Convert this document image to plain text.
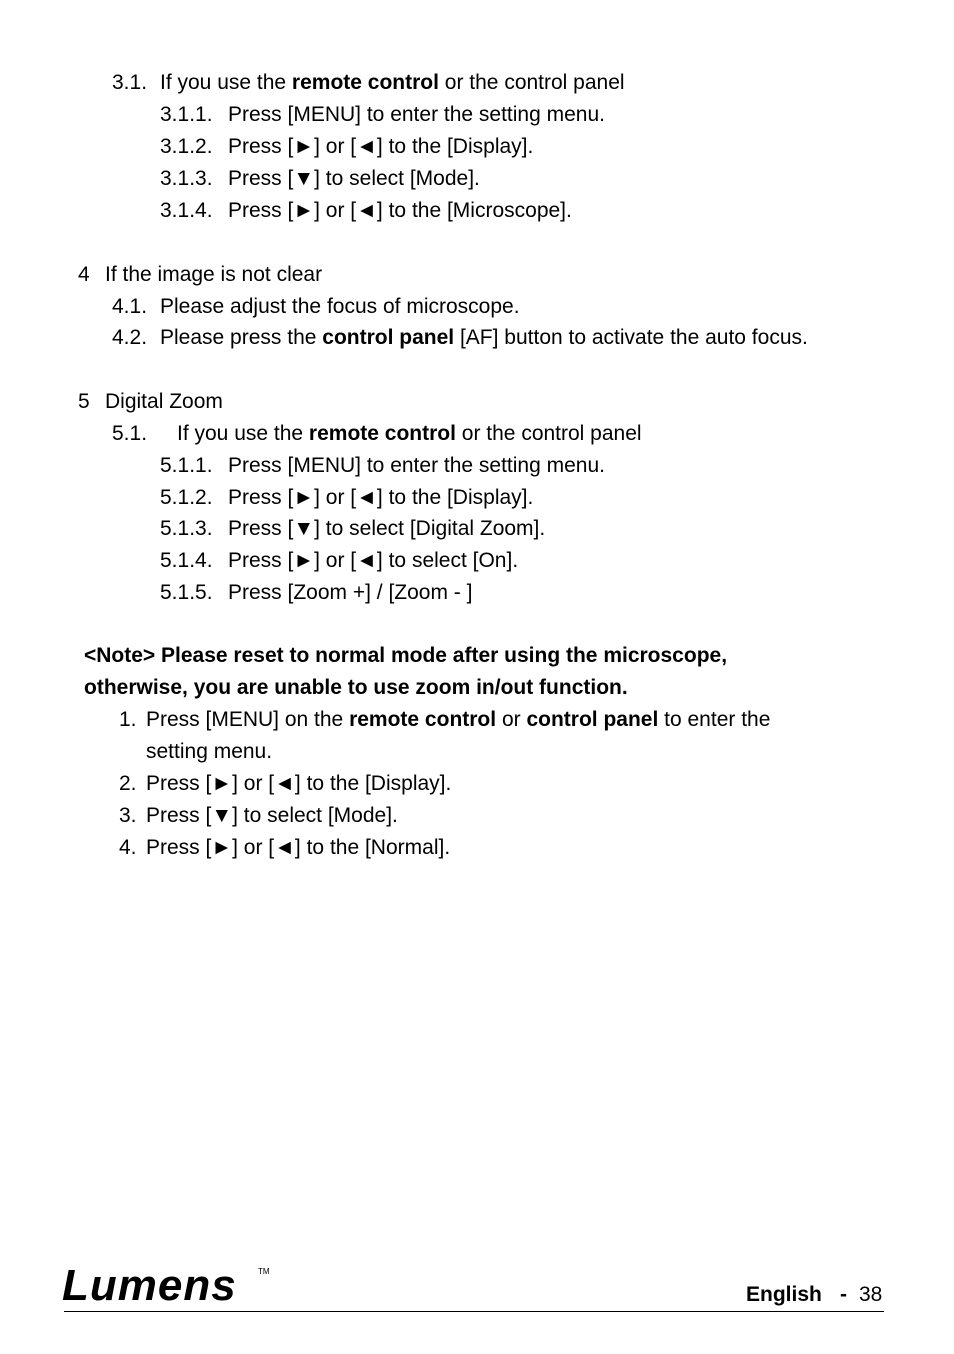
3.1. If you use the remote control or the control panel
3.1.1. Press [MENU] to enter the setting menu.
3.1.2. Press [►] or [◄] to the [Display].
3.1.3. Press [▼] to select [Mode].
3.1.4. Press [►] or [◄] to the [Microscope].
4 If the image is not clear
4.1. Please adjust the focus of microscope.
4.2. Please press the control panel [AF] button to activate the auto focus.
5 Digital Zoom
5.1. If you use the remote control or the control panel
5.1.1. Press [MENU] to enter the setting menu.
5.1.2. Press [►] or [◄] to the [Display].
5.1.3. Press [▼] to select [Digital Zoom].
5.1.4. Press [►] or [◄] to select [On].
5.1.5. Press [Zoom +] / [Zoom - ]
<Note> Please reset to normal mode after using the microscope,
otherwise, you are unable to use zoom in/out function.
1. Press [MENU] on the remote control or control panel to enter the
setting menu.
2. Press [►] or [◄] to the [Display].
3. Press [▼] to select [Mode].
4. Press [►] or [◄] to the [Normal].
Lumens	TM
English - 38
